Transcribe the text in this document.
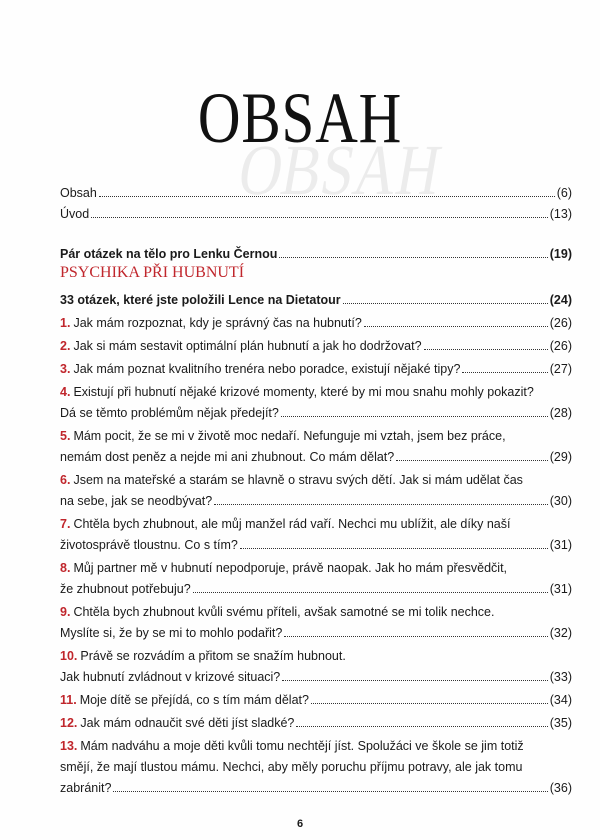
OBSAH
OBSAH
Obsah	(6)
Úvod	(13)
Pár otázek na tělo pro Lenku Černou	(19)
PSYCHIKA PŘI HUBNUTÍ
33 otázek, které jste položili Lence na Dietatour	(24)
1. Jak mám rozpoznat, kdy je správný čas na hubnutí?	(26)
2. Jak si mám sestavit optimální plán hubnutí a jak ho dodržovat?	(26)
3. Jak mám poznat kvalitního trenéra nebo poradce, existují nějaké tipy?	(27)
4. Existují při hubnutí nějaké krizové momenty, které by mi mou snahu mohly pokazit?
Dá se těmto problémům nějak předejít?	(28)
5. Mám pocit, že se mi v životě moc nedaří. Nefunguje mi vztah, jsem bez práce,
nemám dost peněz a nejde mi ani zhubnout. Co mám dělat?	(29)
6. Jsem na mateřské a starám se hlavně o stravu svých dětí. Jak si mám udělat čas
na sebe, jak se neodbývat?	(30)
7. Chtěla bych zhubnout, ale můj manžel rád vaří. Nechci mu ublížit, ale díky naší
životosprávě tloustnu. Co s tím?	(31)
8. Můj partner mě v hubnutí nepodporuje, právě naopak. Jak ho mám přesvědčit,
že zhubnout potřebuju?	(31)
9. Chtěla bych zhubnout kvůli svému příteli, avšak samotné se mi tolik nechce.
Myslíte si, že by se mi to mohlo podařit?	(32)
10. Právě se rozvádím a přitom se snažím hubnout.
Jak hubnutí zvládnout v krizové situaci?	(33)
11. Moje dítě se přejídá, co s tím mám dělat?	(34)
12. Jak mám odnaučit své děti jíst sladké?	(35)
13. Mám nadváhu a moje děti kvůli tomu nechtějí jíst. Spolužáci ve škole se jim totiž
smějí, že mají tlustou mámu. Nechci, aby měly poruchu příjmu potravy, ale jak tomu
zabránit?	(36)
6
